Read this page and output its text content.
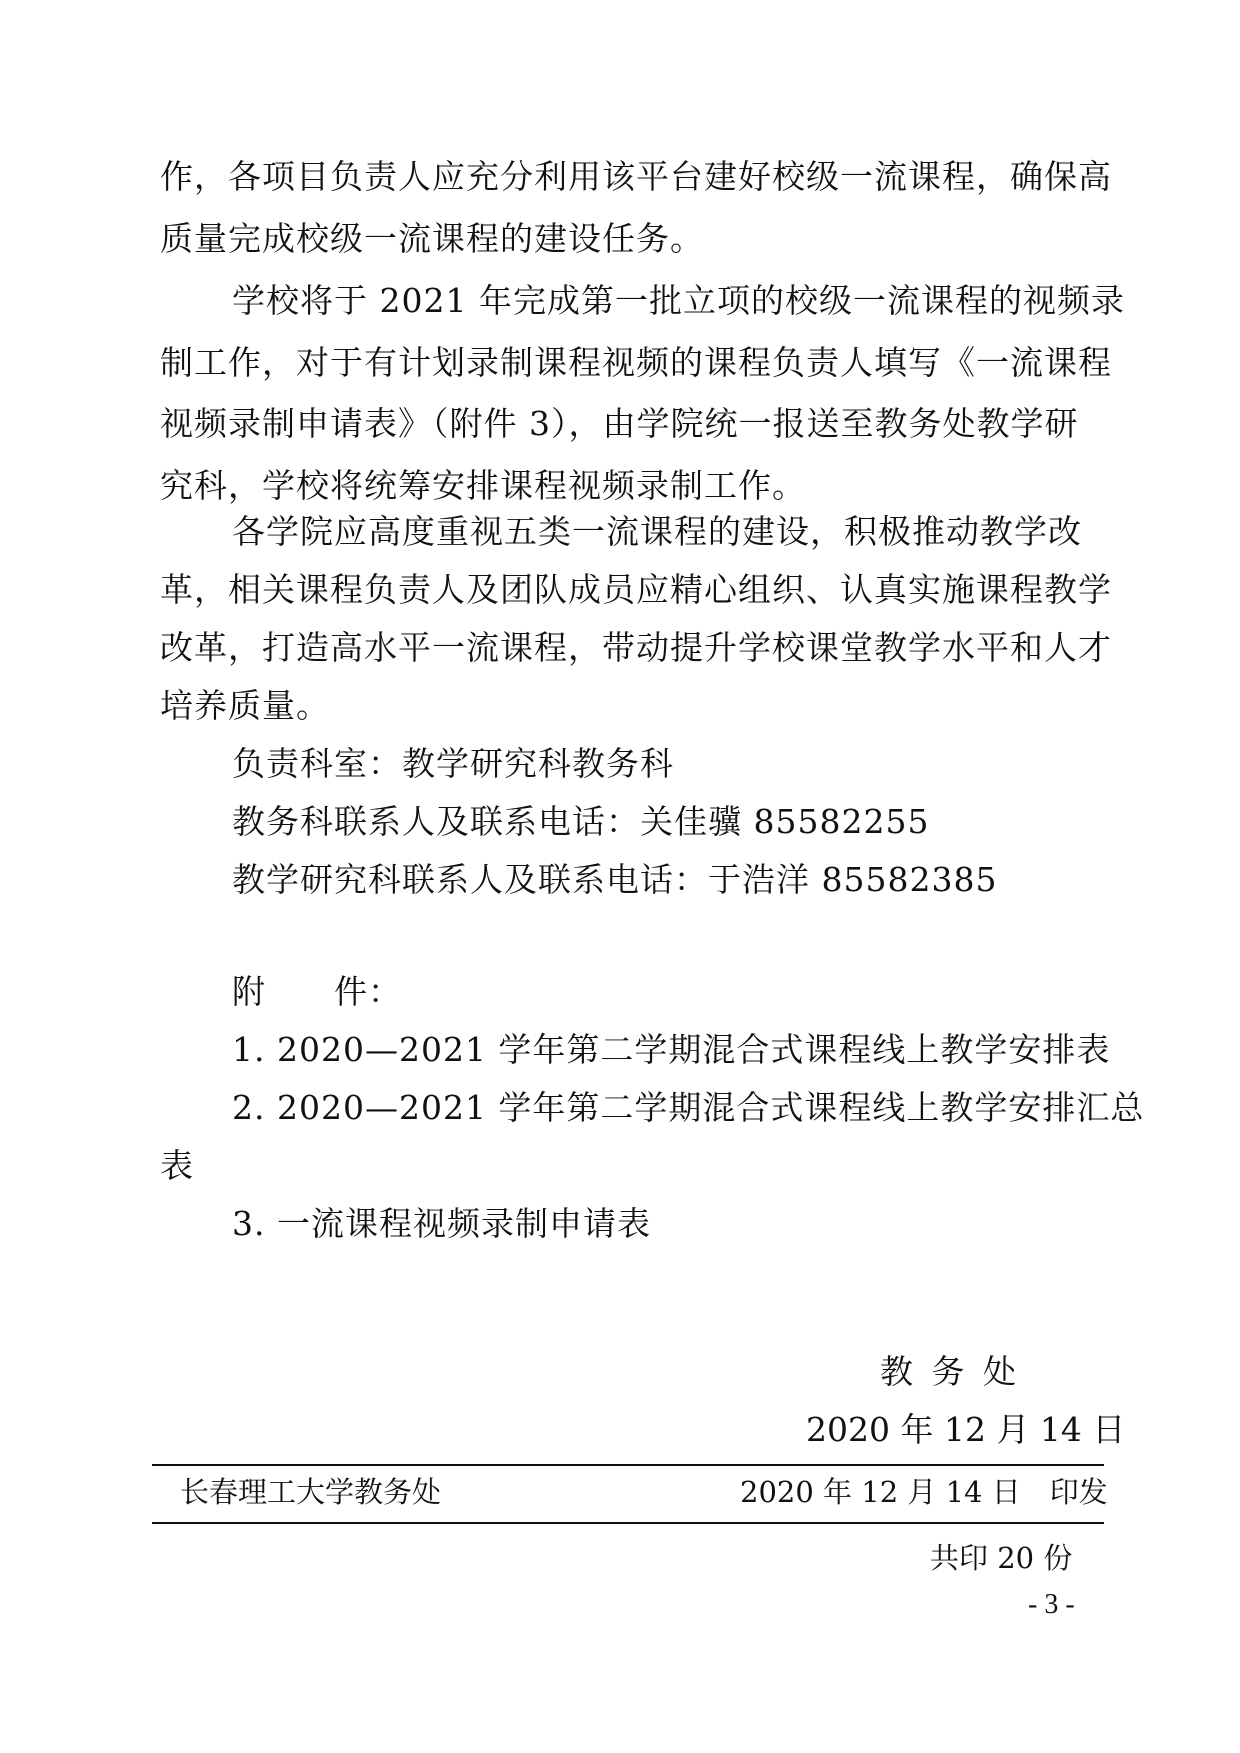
作，各项目负责人应充分利用该平台建好校级一流课程，确保高
质量完成校级一流课程的建设任务。
学校将于 2021 年完成第一批立项的校级一流课程的视频录
制工作，对于有计划录制课程视频的课程负责人填写《一流课程
视频录制申请表》（附件 3），由学院统一报送至教务处教学研
究科，学校将统筹安排课程视频录制工作。
各学院应高度重视五类一流课程的建设，积极推动教学改
革，相关课程负责人及团队成员应精心组织、认真实施课程教学
改革，打造高水平一流课程，带动提升学校课堂教学水平和人才
培养质量。
负责科室：教学研究科教务科
教务科联系人及联系电话：关佳骥 85582255
教学研究科联系人及联系电话：于浩洋 85582385
附　　件：
1. 2020—2021 学年第二学期混合式课程线上教学安排表
2. 2020—2021 学年第二学期混合式课程线上教学安排汇总
表
3. 一流课程视频录制申请表
教 务 处
2020 年 12 月 14 日
长春理工大学教务处	2020 年 12 月 14 日　印发
共印 20 份
- 3 -
